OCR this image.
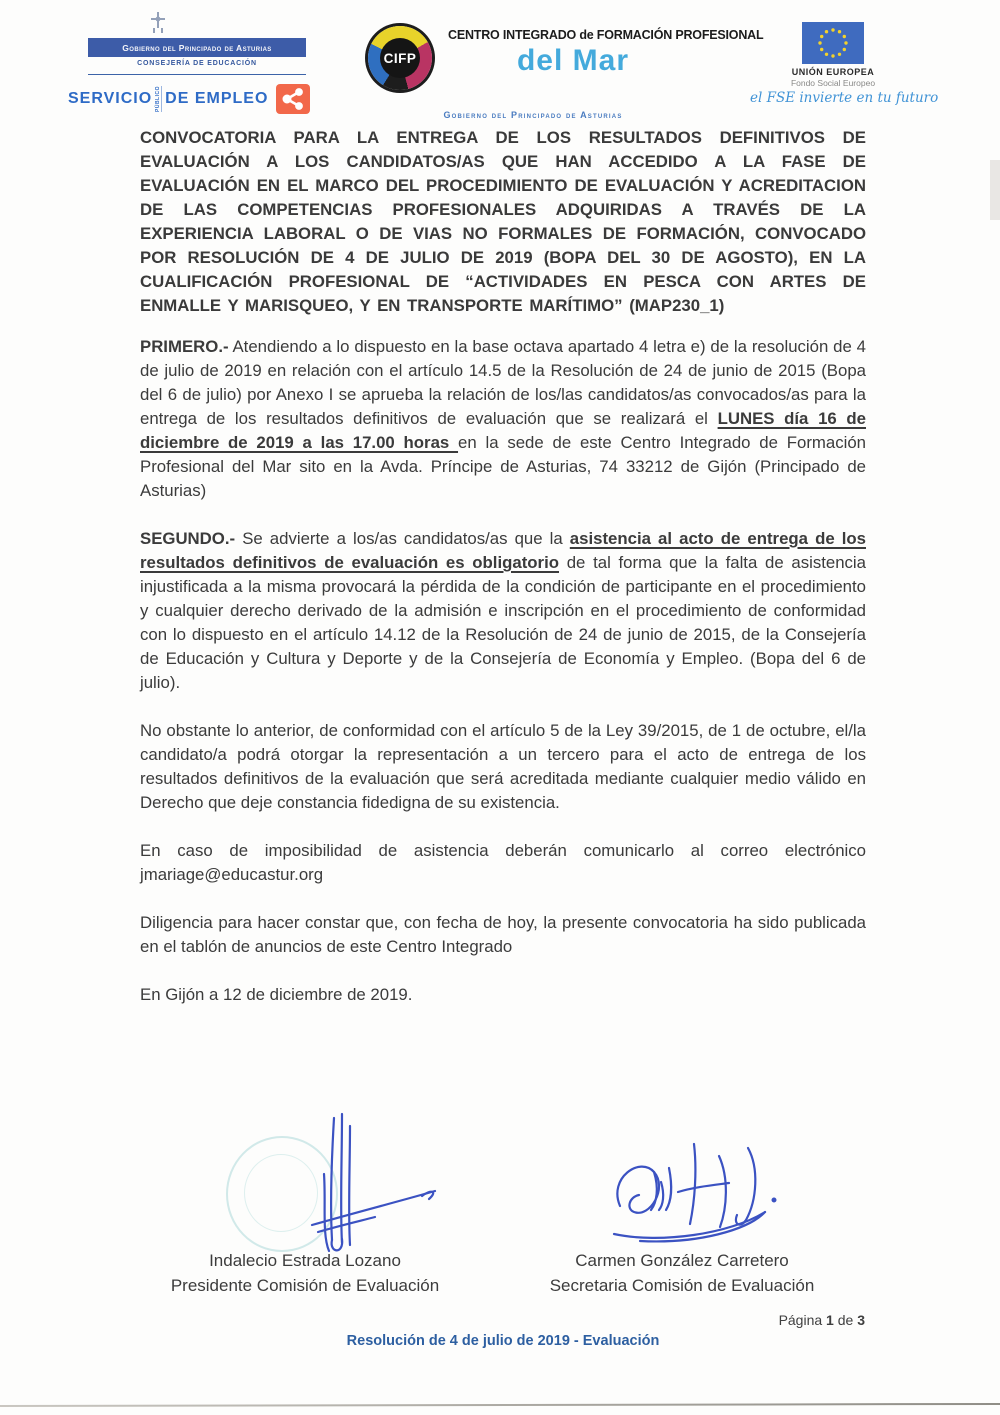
Gobierno del Principado de Asturias
CONSEJERÍA DE EDUCACIÓN
SERVICIO PÚBLICO DE EMPLEO
CIFP
CENTRO INTEGRADO de FORMACIÓN PROFESIONAL
del Mar
Gobierno del Principado de Asturias
UNIÓN EUROPEA
Fondo Social Europeo
el FSE invierte en tu futuro

CONVOCATORIA PARA LA ENTREGA DE LOS RESULTADOS DEFINITIVOS DE EVALUACIÓN A LOS CANDIDATOS/AS QUE HAN ACCEDIDO A LA FASE DE EVALUACIÓN EN EL MARCO DEL PROCEDIMIENTO DE EVALUACIÓN Y ACREDITACION DE LAS COMPETENCIAS PROFESIONALES ADQUIRIDAS A TRAVÉS DE LA EXPERIENCIA LABORAL O DE VIAS NO FORMALES DE FORMACIÓN, CONVOCADO POR RESOLUCIÓN DE 4 DE JULIO DE 2019 (BOPA DEL 30 DE AGOSTO), EN LA CUALIFICACIÓN PROFESIONAL DE “ACTIVIDADES EN PESCA CON ARTES DE ENMALLE Y MARISQUEO, Y EN TRANSPORTE MARÍTIMO” (MAP230_1)

PRIMERO.- Atendiendo a lo dispuesto en la base octava apartado 4 letra e) de la resolución de 4 de julio de 2019 en relación con el artículo 14.5 de la Resolución de 24 de junio de 2015 (Bopa del 6 de julio) por Anexo I se aprueba la relación de los/las candidatos/as convocados/as para la entrega de los resultados definitivos de evaluación que se realizará el LUNES día 16 de diciembre de 2019 a las 17.00 horas en la sede de este Centro Integrado de Formación Profesional del Mar sito en la Avda. Príncipe de Asturias, 74 33212 de Gijón (Principado de Asturias)

SEGUNDO.- Se advierte a los/as candidatos/as que la asistencia al acto de entrega de los resultados definitivos de evaluación es obligatorio de tal forma que la falta de asistencia injustificada a la misma provocará la pérdida de la condición de participante en el procedimiento y cualquier derecho derivado de la admisión e inscripción en el procedimiento de conformidad con lo dispuesto en el artículo 14.12 de la Resolución de 24 de junio de 2015, de la Consejería de Educación y Cultura y Deporte y de la Consejería de Economía y Empleo. (Bopa del 6 de julio).

No obstante lo anterior, de conformidad con el artículo 5 de la Ley 39/2015, de 1 de octubre, el/la candidato/a podrá otorgar la representación a un tercero para el acto de entrega de los resultados definitivos de la evaluación que será acreditada mediante cualquier medio válido en Derecho que deje constancia fidedigna de su existencia.

En caso de imposibilidad de asistencia deberán comunicarlo al correo electrónico jmariage@educastur.org

Diligencia para hacer constar que, con fecha de hoy, la presente convocatoria ha sido publicada en el tablón de anuncios de este Centro Integrado

En Gijón a 12 de diciembre de 2019.

Indalecio Estrada Lozano
Presidente Comisión de Evaluación
Carmen González Carretero
Secretaria Comisión de Evaluación
Página 1 de 3
Resolución de 4 de julio de 2019 - Evaluación
